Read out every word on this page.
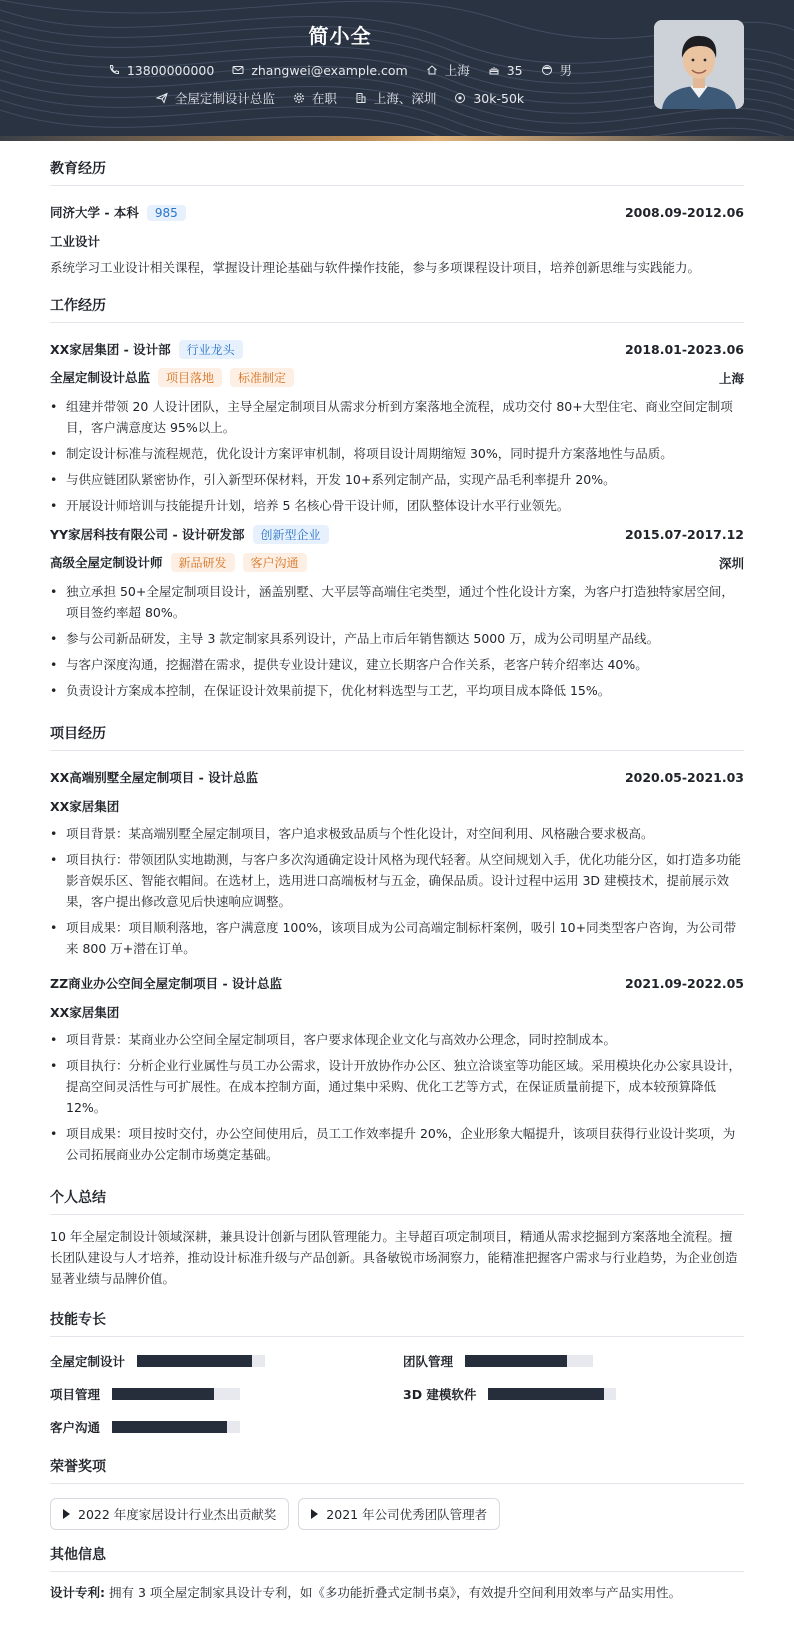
简小全
13800000000	zhangwei@example.com	上海	35	男
全屋定制设计总监	在职	上海、深圳	30k-50k
教育经历
同济大学 - 本科 985	2008.09-2012.06
工业设计
系统学习工业设计相关课程，掌握设计理论基础与软件操作技能，参与多项课程设计项目，培养创新思维与实践能力。
工作经历
XX家居集团 - 设计部 行业龙头	2018.01-2023.06
全屋定制设计总监 项目落地 标准制定	上海
• 组建并带领 20 人设计团队，主导全屋定制项目从需求分析到方案落地全流程，成功交付 80+大型住宅、商业空间定制项目，客户满意度达 95%以上。
• 制定设计标准与流程规范，优化设计方案评审机制，将项目设计周期缩短 30%，同时提升方案落地性与品质。
• 与供应链团队紧密协作，引入新型环保材料，开发 10+系列定制产品，实现产品毛利率提升 20%。
• 开展设计师培训与技能提升计划，培养 5 名核心骨干设计师，团队整体设计水平行业领先。
YY家居科技有限公司 - 设计研发部 创新型企业	2015.07-2017.12
高级全屋定制设计师 新品研发 客户沟通	深圳
• 独立承担 50+全屋定制项目设计，涵盖别墅、大平层等高端住宅类型，通过个性化设计方案，为客户打造独特家居空间，项目签约率超 80%。
• 参与公司新品研发，主导 3 款定制家具系列设计，产品上市后年销售额达 5000 万，成为公司明星产品线。
• 与客户深度沟通，挖掘潜在需求，提供专业设计建议，建立长期客户合作关系，老客户转介绍率达 40%。
• 负责设计方案成本控制，在保证设计效果前提下，优化材料选型与工艺，平均项目成本降低 15%。
项目经历
XX高端别墅全屋定制项目 - 设计总监	2020.05-2021.03
XX家居集团
• 项目背景：某高端别墅全屋定制项目，客户追求极致品质与个性化设计，对空间利用、风格融合要求极高。
• 项目执行：带领团队实地勘测，与客户多次沟通确定设计风格为现代轻奢。从空间规划入手，优化功能分区，如打造多功能影音娱乐区、智能衣帽间。在选材上，选用进口高端板材与五金，确保品质。设计过程中运用 3D 建模技术，提前展示效果，客户提出修改意见后快速响应调整。
• 项目成果：项目顺利落地，客户满意度 100%，该项目成为公司高端定制标杆案例，吸引 10+同类型客户咨询，为公司带来 800 万+潜在订单。
ZZ商业办公空间全屋定制项目 - 设计总监	2021.09-2022.05
XX家居集团
• 项目背景：某商业办公空间全屋定制项目，客户要求体现企业文化与高效办公理念，同时控制成本。
• 项目执行：分析企业行业属性与员工办公需求，设计开放协作办公区、独立洽谈室等功能区域。采用模块化办公家具设计，提高空间灵活性与可扩展性。在成本控制方面，通过集中采购、优化工艺等方式，在保证质量前提下，成本较预算降低 12%。
• 项目成果：项目按时交付，办公空间使用后，员工工作效率提升 20%，企业形象大幅提升，该项目获得行业设计奖项，为公司拓展商业办公定制市场奠定基础。
个人总结
10 年全屋定制设计领域深耕，兼具设计创新与团队管理能力。主导超百项定制项目，精通从需求挖掘到方案落地全流程。擅长团队建设与人才培养，推动设计标准升级与产品创新。具备敏锐市场洞察力，能精准把握客户需求与行业趋势，为企业创造显著业绩与品牌价值。
技能专长
全屋定制设计	团队管理
项目管理	3D 建模软件
客户沟通
荣誉奖项
2022 年度家居设计行业杰出贡献奖	2021 年公司优秀团队管理者
其他信息
设计专利: 拥有 3 项全屋定制家具设计专利，如《多功能折叠式定制书桌》，有效提升空间利用效率与产品实用性。
